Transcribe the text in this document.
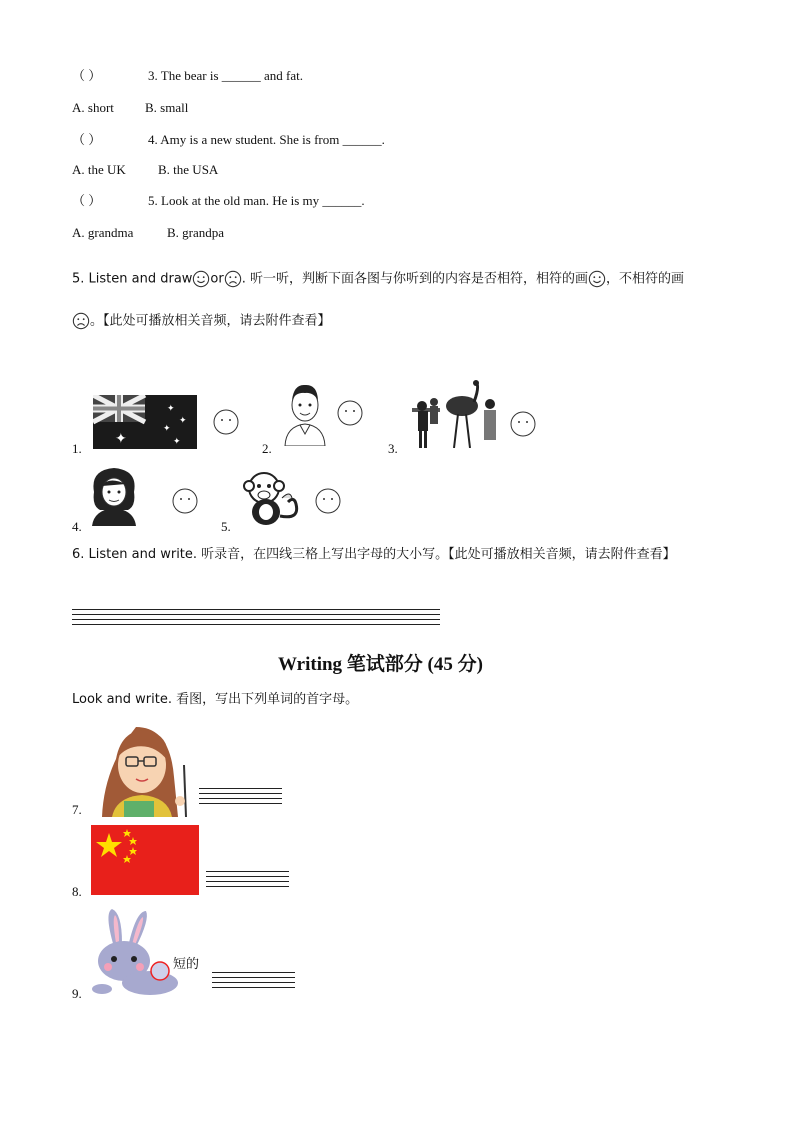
（ ）	3. The bear is ______ and fat.
A. short B. small
（ ）	4. Amy is a new student. She is from ______.
A. the UK B. the USA
（ ）	5. Look at the old man. He is my ______.
A. grandma	B. grandpa
5. Listen and draw or . 听一听，判断下面各图与你听到的内容是否相符，相符的画 ，不相符的画
。【此处可播放相关音频，请去附件查看】
1.
✦
✦
✦
✦
✦	2.	3.
4.	5.
6. Listen and write. 听录音，在四线三格上写出字母的大小写。【此处可播放相关音频，请去附件查看】
Writing 笔试部分 (45 分)
Look and write. 看图，写出下列单词的首字母。
7.
8.
9.
短的
